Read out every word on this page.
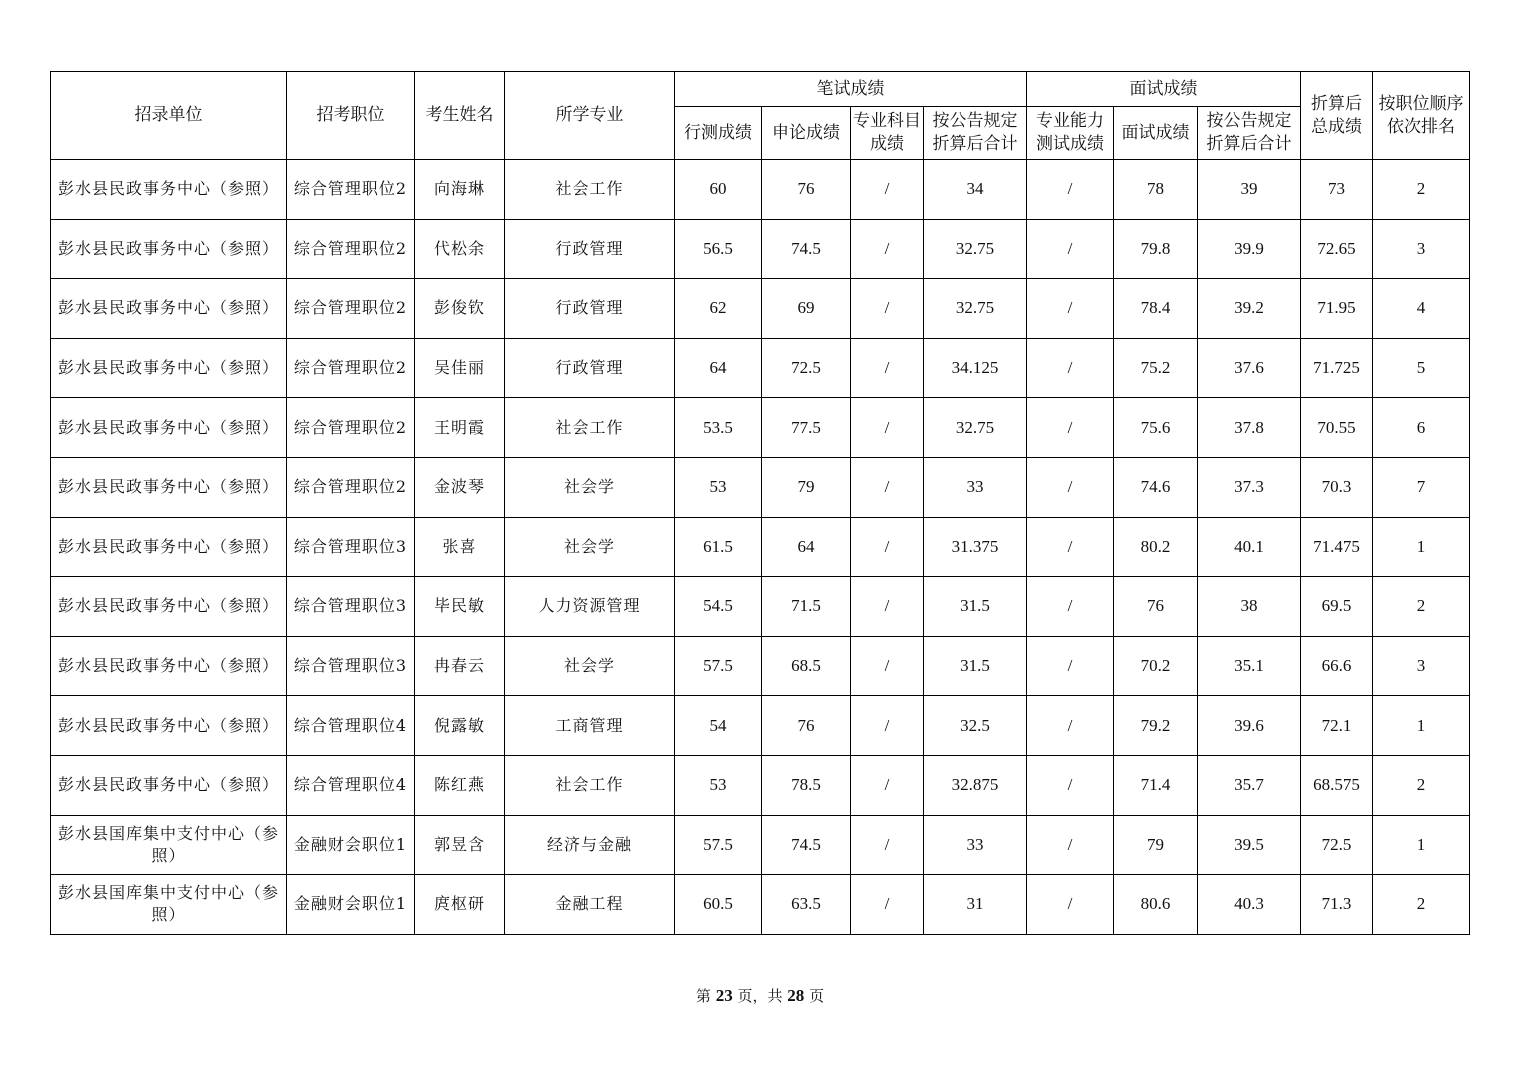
招录单位	招考职位	考生姓名	所学专业	笔试成绩				面试成绩			折算后总成绩	按职位顺序依次排名
				行测成绩	申论成绩	专业科目成绩	按公告规定折算后合计	专业能力测试成绩	面试成绩	按公告规定折算后合计		
彭水县民政事务中心（参照）	综合管理职位2	向海琳	社会工作	60	76	/	34	/	78	39	73	2
彭水县民政事务中心（参照）	综合管理职位2	代松余	行政管理	56.5	74.5	/	32.75	/	79.8	39.9	72.65	3
彭水县民政事务中心（参照）	综合管理职位2	彭俊钦	行政管理	62	69	/	32.75	/	78.4	39.2	71.95	4
彭水县民政事务中心（参照）	综合管理职位2	吴佳丽	行政管理	64	72.5	/	34.125	/	75.2	37.6	71.725	5
彭水县民政事务中心（参照）	综合管理职位2	王明霞	社会工作	53.5	77.5	/	32.75	/	75.6	37.8	70.55	6
彭水县民政事务中心（参照）	综合管理职位2	金波琴	社会学	53	79	/	33	/	74.6	37.3	70.3	7
彭水县民政事务中心（参照）	综合管理职位3	张喜	社会学	61.5	64	/	31.375	/	80.2	40.1	71.475	1
彭水县民政事务中心（参照）	综合管理职位3	毕民敏	人力资源管理	54.5	71.5	/	31.5	/	76	38	69.5	2
彭水县民政事务中心（参照）	综合管理职位3	冉春云	社会学	57.5	68.5	/	31.5	/	70.2	35.1	66.6	3
彭水县民政事务中心（参照）	综合管理职位4	倪露敏	工商管理	54	76	/	32.5	/	79.2	39.6	72.1	1
彭水县民政事务中心（参照）	综合管理职位4	陈红燕	社会工作	53	78.5	/	32.875	/	71.4	35.7	68.575	2
彭水县国库集中支付中心（参照）	金融财会职位1	郭昱含	经济与金融	57.5	74.5	/	33	/	79	39.5	72.5	1
彭水县国库集中支付中心（参照）	金融财会职位1	庹枢研	金融工程	60.5	63.5	/	31	/	80.6	40.3	71.3	2
第 23 页，共 28 页
